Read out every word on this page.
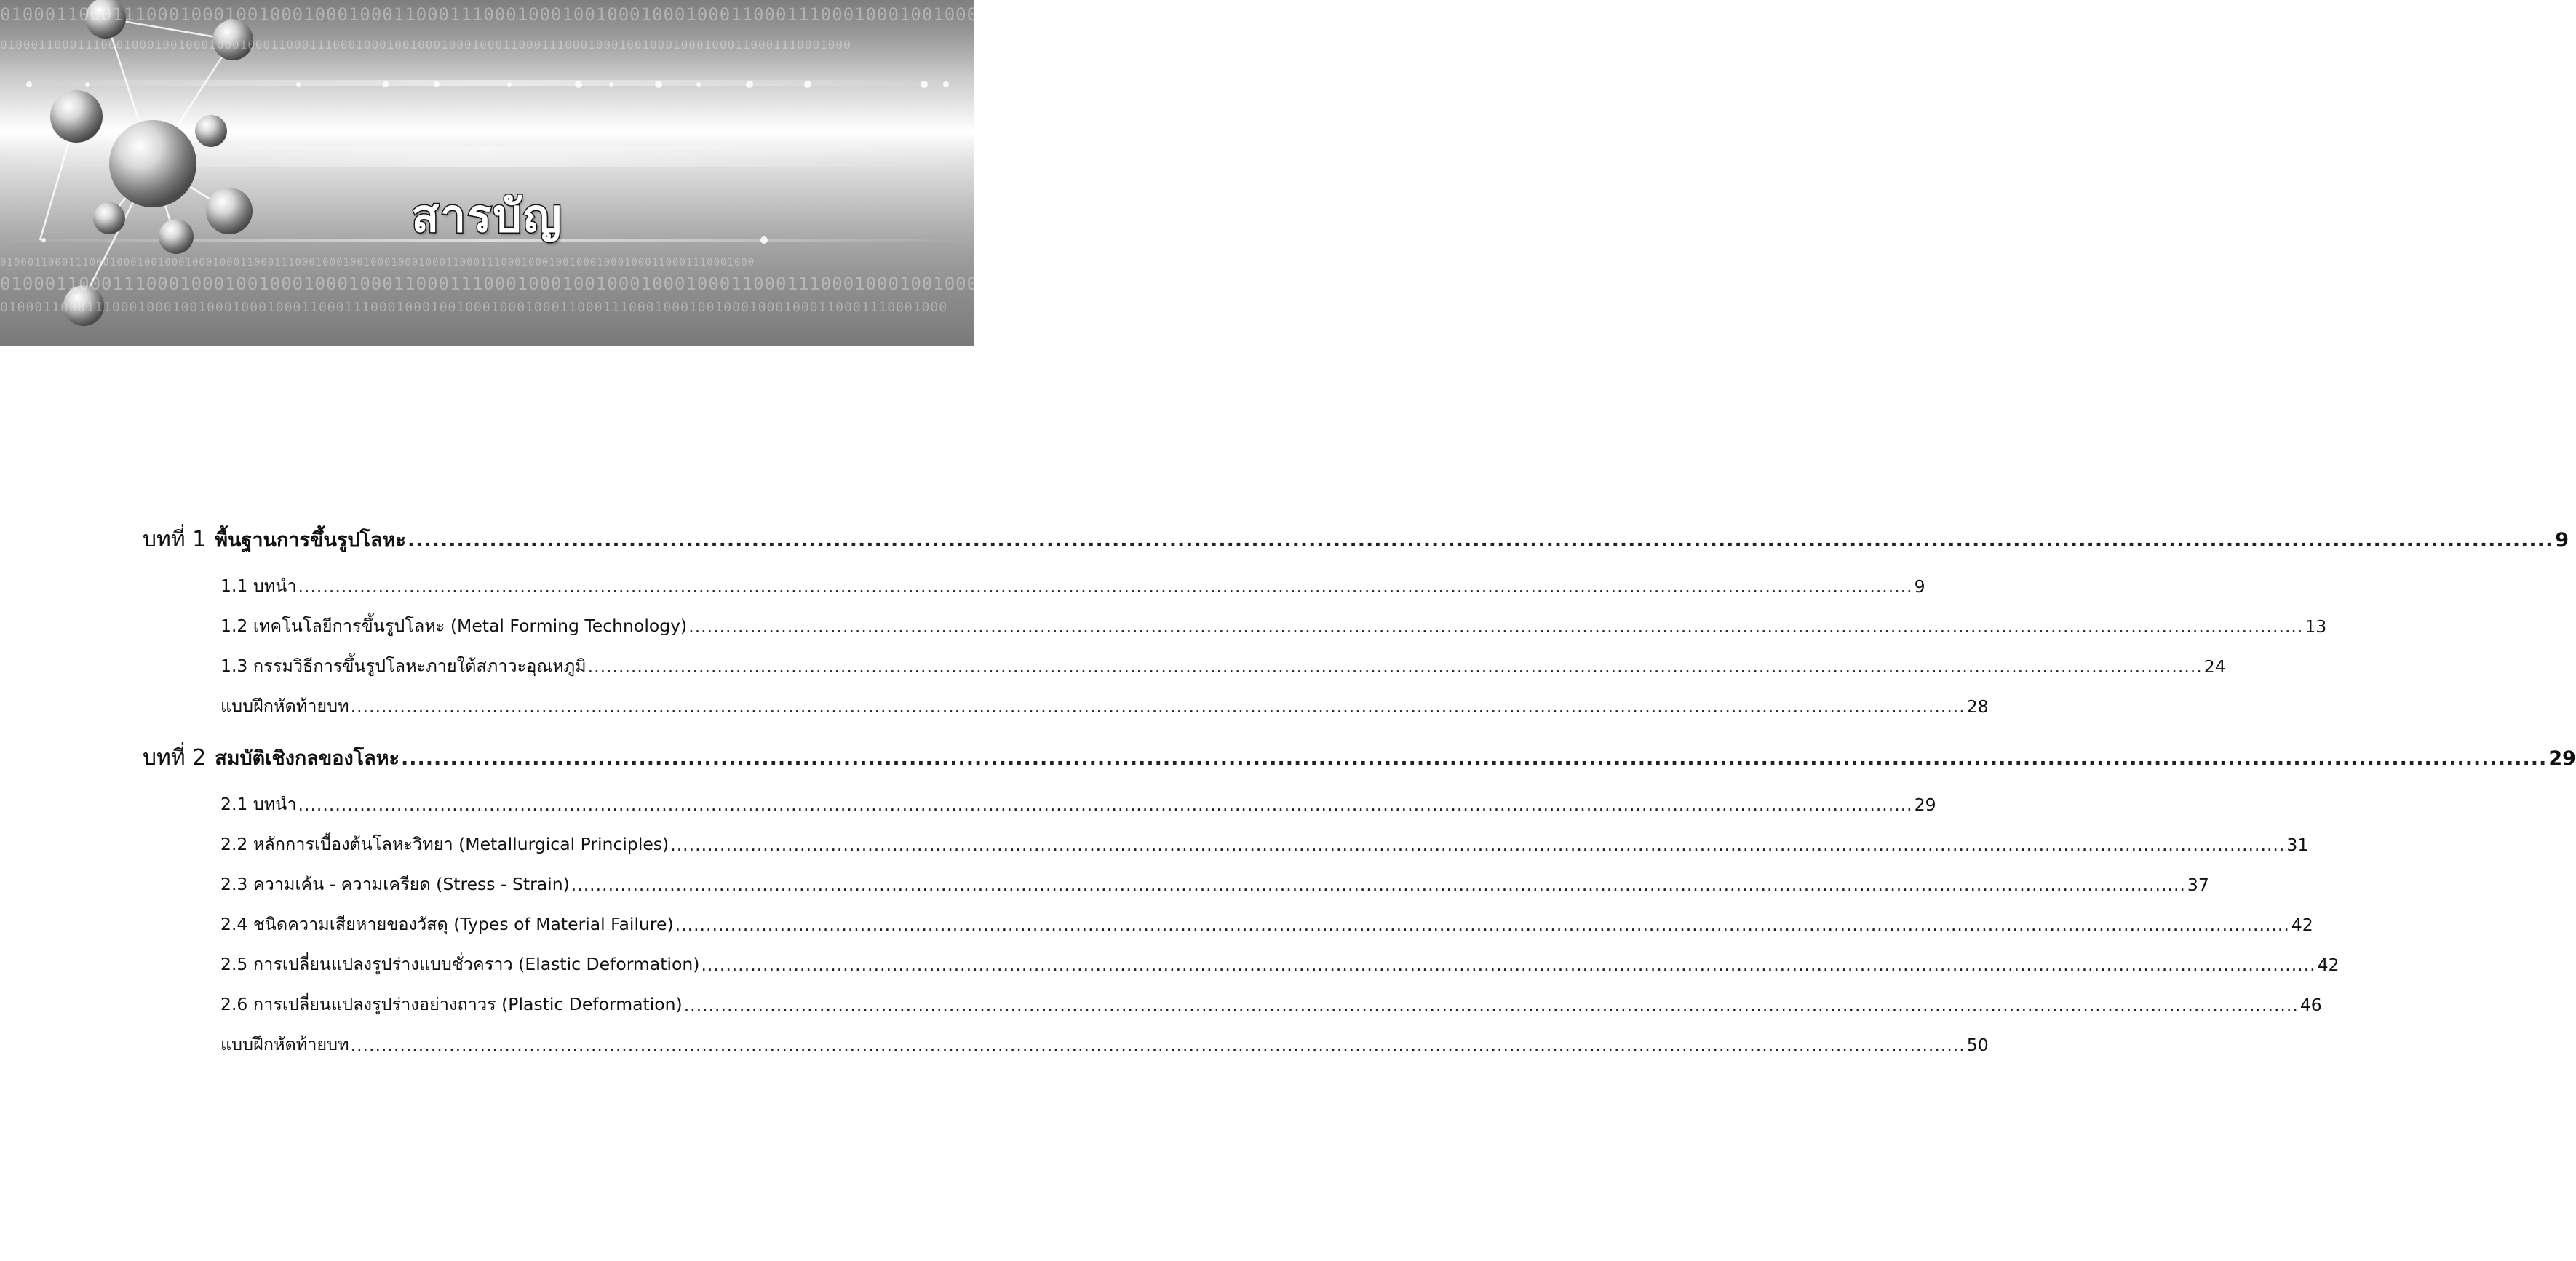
01000110001110001000100100010001000110001110001000100100010001000110001110001000100100010001000110001110001000
01000110001110001000100100010001000110001110001000100100010001000110001110001000100100010001000110001110001000
01000110001110001000100100010001000110001110001000100100010001000110001110001000100100010001000110001110001000
01000110001110001000100100010001000110001110001000100100010001000110001110001000100100010001000110001110001000
01000110001110001000100100010001000110001110001000100100010001000110001110001000100100010001000110001110001000
สารบัญ
บทที่ 1 พื้นฐานการขึ้นรูปโลหะ .....	9
1.1 บทนำ .....	9
1.2 เทคโนโลยีการขึ้นรูปโลหะ (Metal Forming Technology) .....	13
1.3 กรรมวิธีการขึ้นรูปโลหะภายใต้สภาวะอุณหภูมิ .....	24
แบบฝึกหัดท้ายบท .....	28
บทที่ 2 สมบัติเชิงกลของโลหะ .....	29
2.1 บทนำ .....	29
2.2 หลักการเบื้องต้นโลหะวิทยา (Metallurgical Principles) .....	31
2.3 ความเค้น - ความเครียด (Stress - Strain) .....	37
2.4 ชนิดความเสียหายของวัสดุ (Types of Material Failure) .....	42
2.5 การเปลี่ยนแปลงรูปร่างแบบชั่วคราว (Elastic Deformation) .....	42
2.6 การเปลี่ยนแปลงรูปร่างอย่างถาวร (Plastic Deformation) .....	46
แบบฝึกหัดท้ายบท .....	50
